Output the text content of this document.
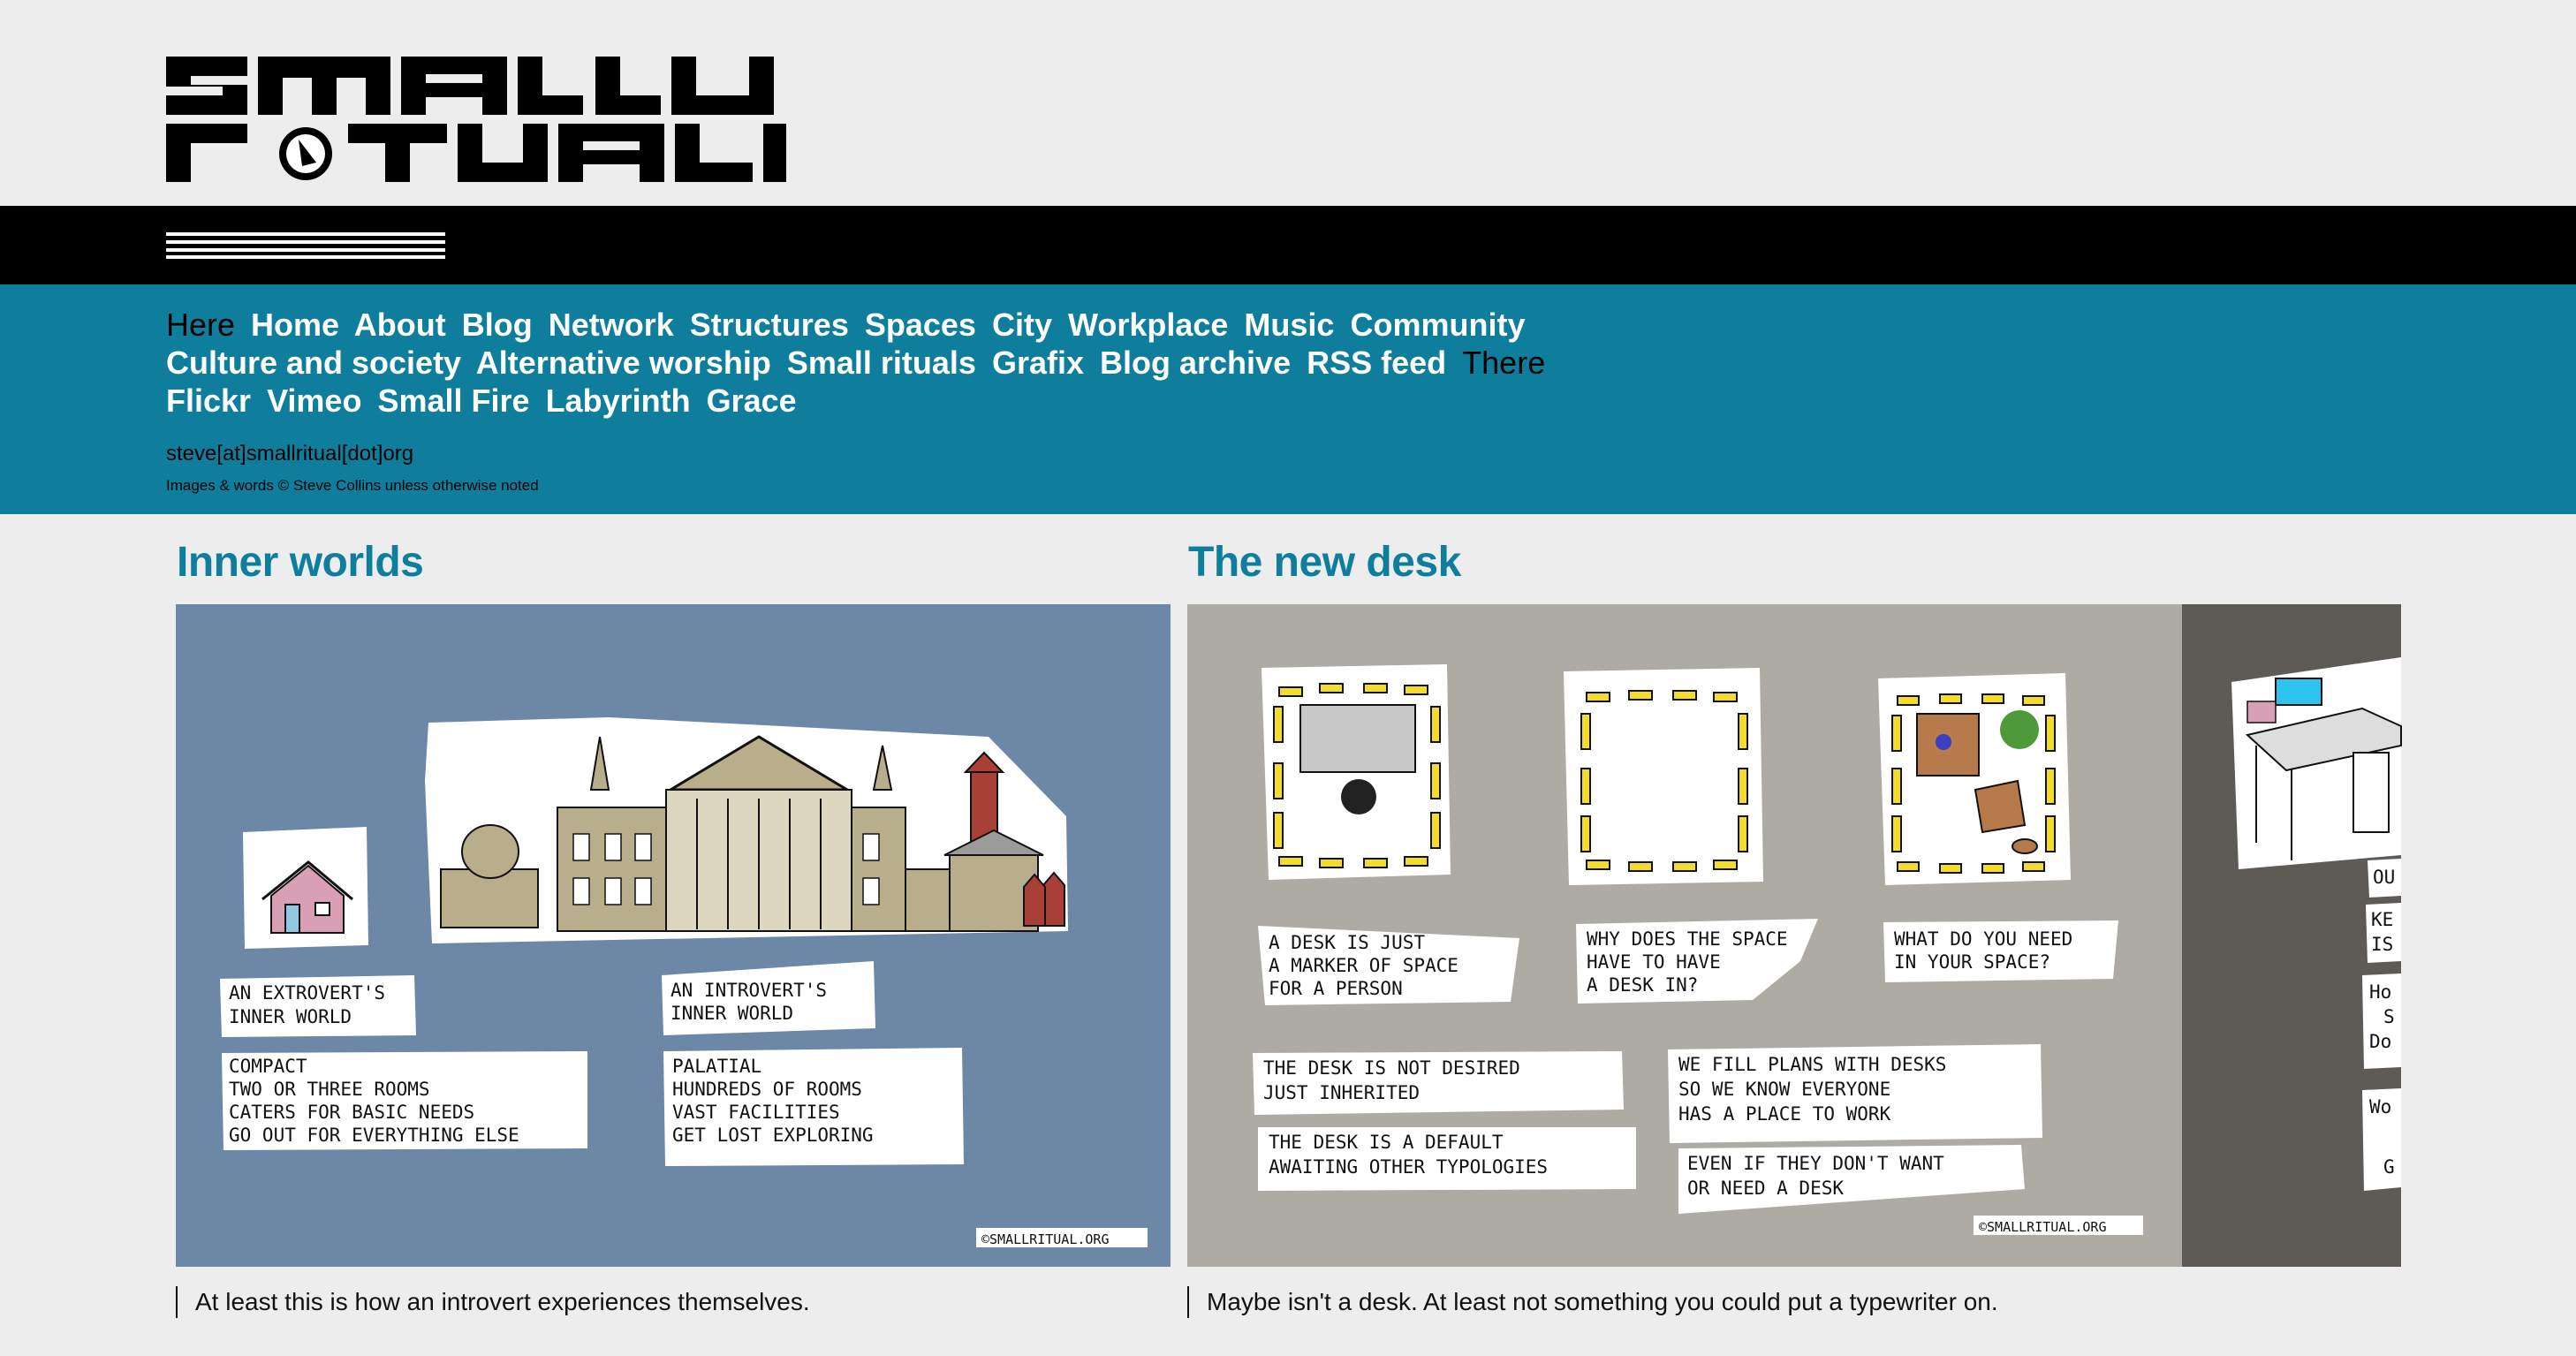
small ritual
Here Home About Blog Network Structures Spaces City Workplace Music Community Culture and society Alternative worship Small rituals Grafix Blog archive RSS feed There Flickr Vimeo Small Fire Labyrinth Grace
steve[at]smallritual[dot]org
Images & words © Steve Collins unless otherwise noted
Inner worlds
AN EXTROVERT'S
INNER WORLD
COMPACT
TWO OR THREE ROOMS
CATERS FOR BASIC NEEDS
GO OUT FOR EVERYTHING ELSE
AN INTROVERT'S
INNER WORLD
PALATIAL
HUNDREDS OF ROOMS
VAST FACILITIES
GET LOST EXPLORING
©SMALLRITUAL.ORG
At least this is how an introvert experiences themselves.
The new desk
A DESK IS JUST
A MARKER OF SPACE
FOR A PERSON
WHY DOES THE SPACE
HAVE TO HAVE
A DESK IN?
WHAT DO YOU NEED
IN YOUR SPACE?
THE DESK IS NOT DESIRED
JUST INHERITED
THE DESK IS A DEFAULT
AWAITING OTHER TYPOLOGIES
WE FILL PLANS WITH DESKS
SO WE KNOW EVERYONE
HAS A PLACE TO WORK
EVEN IF THEY DON'T WANT
OR NEED A DESK
©SMALLRITUAL.ORG
OU
KE
IS
Ho
S
Do
Wo
G
Maybe isn't a desk. At least not something you could put a typewriter on.
